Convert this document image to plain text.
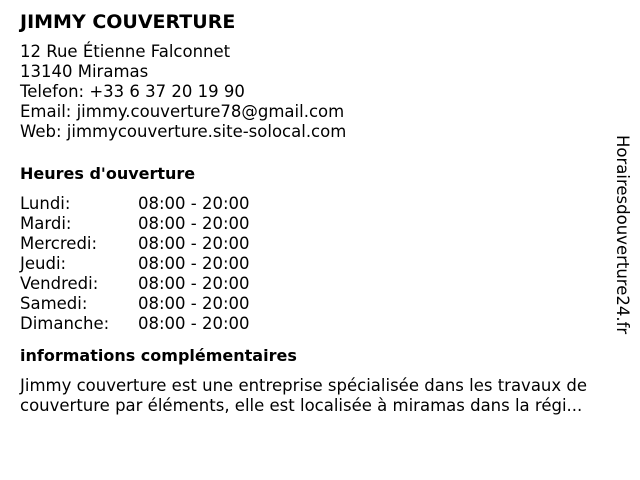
JIMMY COUVERTURE
12 Rue Étienne Falconnet
13140 Miramas
Telefon: +33 6 37 20 19 90
Email: jimmy.couverture78@gmail.com
Web: jimmycouverture.site-solocal.com
Heures d'ouverture
Lundi:	08:00 - 20:00
Mardi:	08:00 - 20:00
Mercredi: 08:00 - 20:00
Jeudi:	08:00 - 20:00
Vendredi: 08:00 - 20:00
Samedi:	08:00 - 20:00
Dimanche: 08:00 - 20:00
informations complémentaires
Jimmy couverture est une entreprise spécialisée dans les travaux de couverture par éléments, elle est localisée à miramas dans la régi...
Horairesdouverture24.fr
